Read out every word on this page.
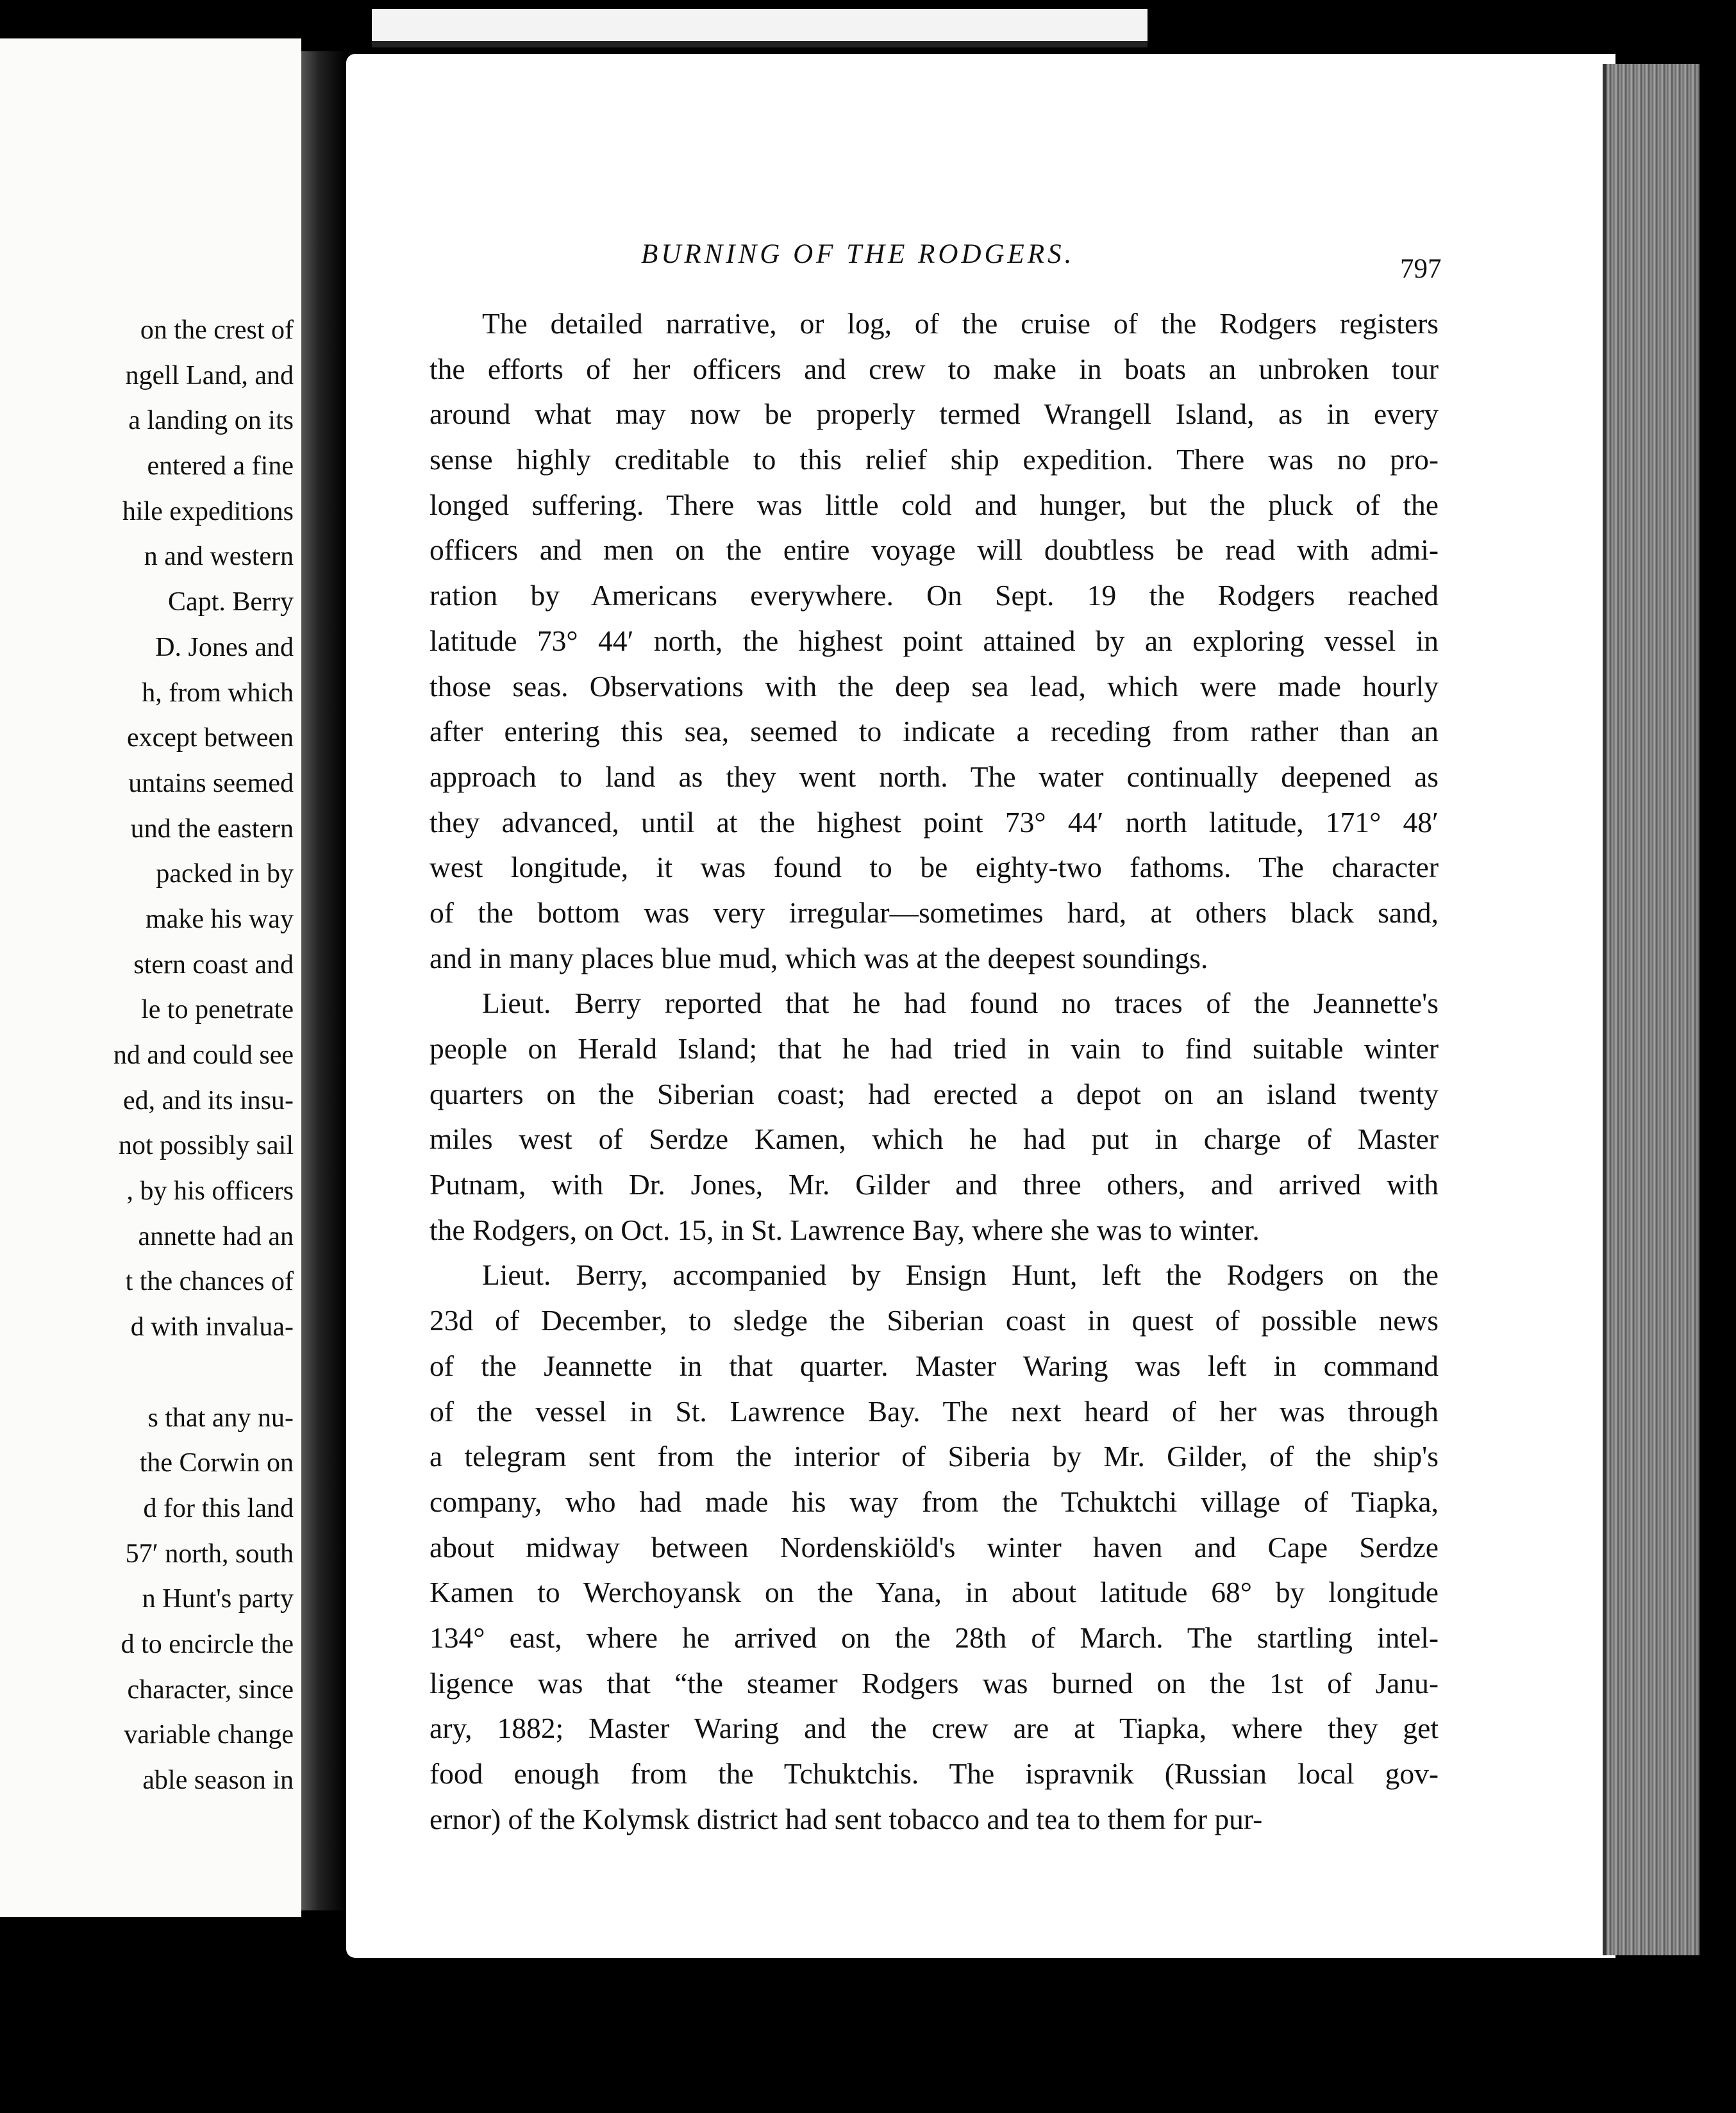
on the crest of
ngell Land, and
a landing on its
entered a fine
hile expeditions
n and western
Capt. Berry
D. Jones and
h, from which
except between
untains seemed
und the eastern
packed in by
make his way
stern coast and
le to penetrate
nd and could see
ed, and its insu-
not possibly sail
, by his officers
annette had an
t the chances of
d with invalua-
s that any nu-
the Corwin on
d for this land
57′ north, south
n Hunt's party
d to encircle the
character, since
variable change
able season in
BURNING OF THE RODGERS.	797
The detailed narrative, or log, of the cruise of the Rodgers registers
the efforts of her officers and crew to make in boats an unbroken tour
around what may now be properly termed Wrangell Island, as in every
sense highly creditable to this relief ship expedition. There was no pro-
longed suffering. There was little cold and hunger, but the pluck of the
officers and men on the entire voyage will doubtless be read with admi-
ration by Americans everywhere. On Sept. 19 the Rodgers reached
latitude 73° 44′ north, the highest point attained by an exploring vessel in
those seas. Observations with the deep sea lead, which were made hourly
after entering this sea, seemed to indicate a receding from rather than an
approach to land as they went north. The water continually deepened as
they advanced, until at the highest point 73° 44′ north latitude, 171° 48′
west longitude, it was found to be eighty-two fathoms. The character
of the bottom was very irregular—sometimes hard, at others black sand,
and in many places blue mud, which was at the deepest soundings.
Lieut. Berry reported that he had found no traces of the Jeannette's
people on Herald Island; that he had tried in vain to find suitable winter
quarters on the Siberian coast; had erected a depot on an island twenty
miles west of Serdze Kamen, which he had put in charge of Master
Putnam, with Dr. Jones, Mr. Gilder and three others, and arrived with
the Rodgers, on Oct. 15, in St. Lawrence Bay, where she was to winter.
Lieut. Berry, accompanied by Ensign Hunt, left the Rodgers on the
23d of December, to sledge the Siberian coast in quest of possible news
of the Jeannette in that quarter. Master Waring was left in command
of the vessel in St. Lawrence Bay. The next heard of her was through
a telegram sent from the interior of Siberia by Mr. Gilder, of the ship's
company, who had made his way from the Tchuktchi village of Tiapka,
about midway between Nordenskiöld's winter haven and Cape Serdze
Kamen to Werchoyansk on the Yana, in about latitude 68° by longitude
134° east, where he arrived on the 28th of March. The startling intel-
ligence was that “the steamer Rodgers was burned on the 1st of Janu-
ary, 1882; Master Waring and the crew are at Tiapka, where they get
food enough from the Tchuktchis. The ispravnik (Russian local gov-
ernor) of the Kolymsk district had sent tobacco and tea to them for pur-
